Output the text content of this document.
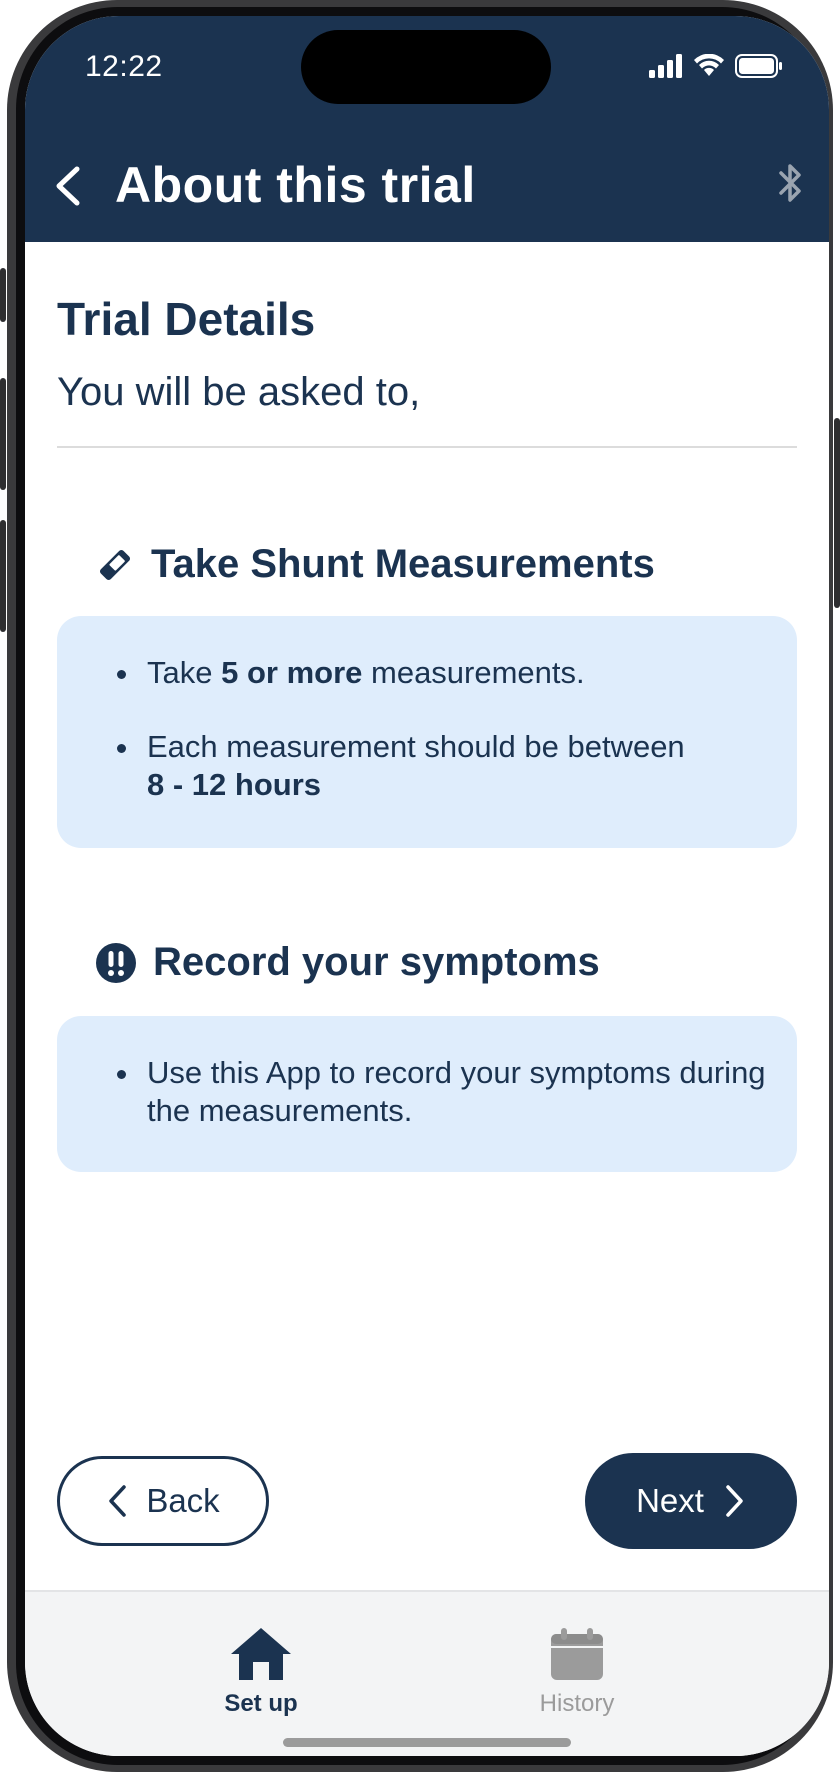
12:22
About this trial
Trial Details
You will be asked to,
Take Shunt Measurements
Take 5 or more measurements.
Each measurement should be between
8 - 12 hours
Record your symptoms
Use this App to record your symptoms during the measurements.
Back	Next
Set up	History
